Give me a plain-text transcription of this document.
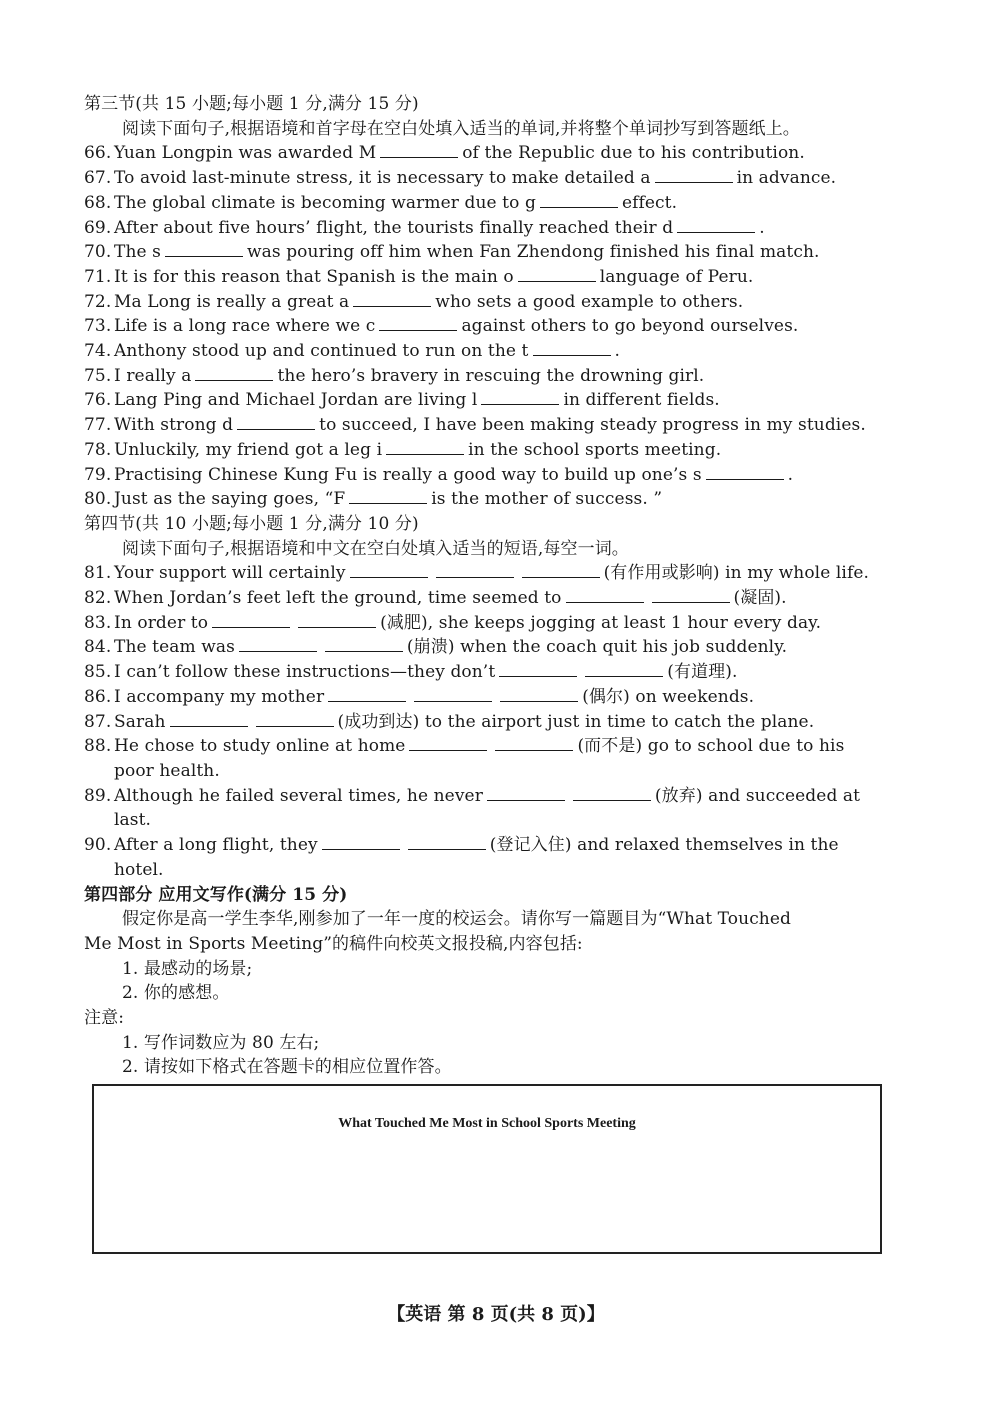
第三节(共 15 小题;每小题 1 分,满分 15 分)
阅读下面句子,根据语境和首字母在空白处填入适当的单词,并将整个单词抄写到答题纸上。
66. Yuan Longpin was awarded M	of the Republic due to his contribution.
67. To avoid last-minute stress, it is necessary to make detailed a	in advance.
68. The global climate is becoming warmer due to g	effect.
69. After about five hours’ flight, the tourists finally reached their d	.
70. The s	was pouring off him when Fan Zhendong finished his final match.
71. It is for this reason that Spanish is the main o	language of Peru.
72. Ma Long is really a great a	who sets a good example to others.
73. Life is a long race where we c	against others to go beyond ourselves.
74. Anthony stood up and continued to run on the t	.
75. I really a	the hero’s bravery in rescuing the drowning girl.
76. Lang Ping and Michael Jordan are living l	in different fields.
77. With strong d	to succeed, I have been making steady progress in my studies.
78. Unluckily, my friend got a leg i	in the school sports meeting.
79. Practising Chinese Kung Fu is really a good way to build up one’s s	.
80. Just as the saying goes, “F	is the mother of success. ”
第四节(共 10 小题;每小题 1 分,满分 10 分)
阅读下面句子,根据语境和中文在空白处填入适当的短语,每空一词。
81. Your support will certainly	(有作用或影响) in my whole life.
82. When Jordan’s feet left the ground, time seemed to	(凝固).
83. In order to	(减肥), she keeps jogging at least 1 hour every day.
84. The team was	(崩溃) when the coach quit his job suddenly.
85. I can’t follow these instructions—they don’t	(有道理).
86. I accompany my mother	(偶尔) on weekends.
87. Sarah	(成功到达) to the airport just in time to catch the plane.
88. He chose to study online at home	(而不是) go to school due to his
poor health.
89. Although he failed several times, he never	(放弃) and succeeded at
last.
90. After a long flight, they	(登记入住) and relaxed themselves in the
hotel.
第四部分 应用文写作(满分 15 分)
假定你是高一学生李华,刚参加了一年一度的校运会。请你写一篇题目为“What Touched
Me Most in Sports Meeting”的稿件向校英文报投稿,内容包括:
1. 最感动的场景;
2. 你的感想。
注意:
1. 写作词数应为 80 左右;
2. 请按如下格式在答题卡的相应位置作答。
What Touched Me Most in School Sports Meeting
【英语 第 8 页(共 8 页)】
